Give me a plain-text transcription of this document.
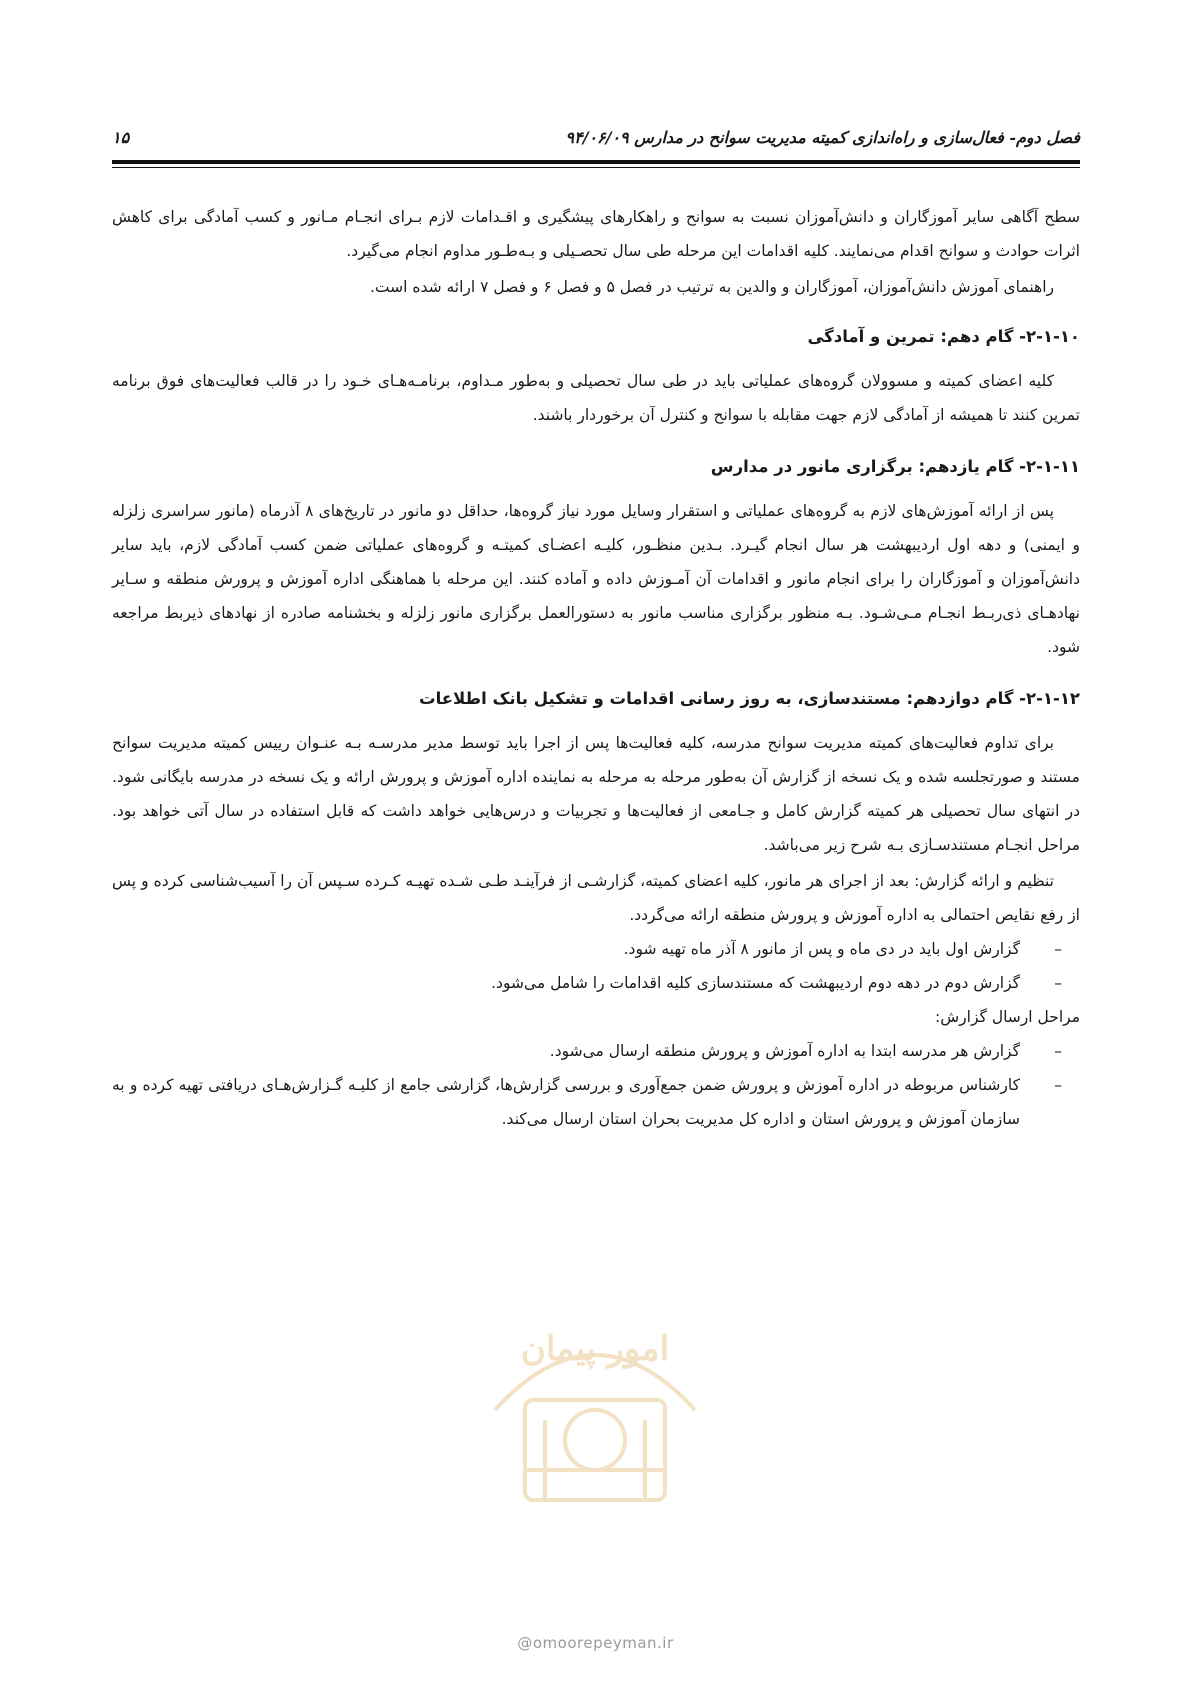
فصل دوم- فعال‌سازی و راه‌اندازی کمیته مدیریت سوانح در مدارس ۹۴/۰۶/۰۹
۱۵

سطح آگاهی سایر آموزگاران و دانش‌آموزان نسبت به سوانح و راهکارهای پیشگیری و اقـدامات لازم بـرای انجـام مـانور و کسب آمادگی برای کاهش اثرات حوادث و سوانح اقدام می‌نمایند. کلیه اقدامات این مرحله طی سال تحصـیلی و بـه‌طـور مداوم انجام می‌گیرد.

راهنمای آموزش دانش‌آموزان، آموزگاران و والدین به ترتیب در فصل ۵ و فصل ۶ و فصل ۷ ارائه شده است.

۲-۱-۱۰- گام دهم: تمرین و آمادگی

کلیه اعضای کمیته و مسوولان گروه‌های عملیاتی باید در طی سال تحصیلی و به‌طور مـداوم، برنامـه‌هـای خـود را در قالب فعالیت‌های فوق برنامه تمرین کنند تا همیشه از آمادگی لازم جهت مقابله با سوانح و کنترل آن برخوردار باشند.

۲-۱-۱۱- گام یازدهم: برگزاری مانور در مدارس

پس از ارائه آموزش‌های لازم به گروه‌های عملیاتی و استقرار وسایل مورد نیاز گروه‌ها، حداقل دو مانور در تاریخ‌های ۸ آذرماه (مانور سراسری زلزله و ایمنی) و دهه اول اردیبهشت هر سال انجام گیـرد. بـدین منظـور، کلیـه اعضـای کمیتـه و گروه‌های عملیاتی ضمن کسب آمادگی لازم، باید سایر دانش‌آموزان و آموزگاران را برای انجام مانور و اقدامات آن آمـوزش داده و آماده کنند. این مرحله با هماهنگی اداره آموزش و پرورش منطقه و سـایر نهادهـای ذی‌ربـط انجـام مـی‌شـود. بـه منظور برگزاری مناسب مانور به دستورالعمل برگزاری مانور زلزله و بخشنامه صادره از نهادهای ذیربط مراجعه شود.

۲-۱-۱۲- گام دوازدهم: مستندسازی، به روز رسانی اقدامات و تشکیل بانک اطلاعات

برای تداوم فعالیت‌های کمیته مدیریت سوانح مدرسه، کلیه فعالیت‌ها پس از اجرا باید توسط مدیر مدرسـه بـه عنـوان رییس کمیته مدیریت سوانح مستند و صورتجلسه شده و یک نسخه از گزارش آن به‌طور مرحله به مرحله به نماینده اداره آموزش و پرورش ارائه و یک نسخه در مدرسه بایگانی شود. در انتهای سال تحصیلی هر کمیته گزارش کامل و جـامعی از فعالیت‌ها و تجربیات و درس‌هایی خواهد داشت که قابل استفاده در سال آتی خواهد بود. مراحل انجـام مستندسـازی بـه شرح زیر می‌باشد.

تنظیم و ارائه گزارش: بعد از اجرای هر مانور، کلیه اعضای کمیته، گزارشـی از فرآینـد طـی شـده تهیـه کـرده سـپس آن را آسیب‌شناسی کرده و پس از رفع نقایص احتمالی به اداره آموزش و پرورش منطقه ارائه می‌گردد.

–
گزارش اول باید در دی ماه و پس از مانور ۸ آذر ماه تهیه شود.

–
گزارش دوم در دهه دوم اردیبهشت که مستندسازی کلیه اقدامات را شامل می‌شود.

مراحل ارسال گزارش:

–
گزارش هر مدرسه ابتدا به اداره آموزش و پرورش منطقه ارسال می‌شود.

–
کارشناس مربوطه در اداره آموزش و پرورش ضمن جمع‌آوری و بررسی گزارش‌ها، گزارشی جامع از کلیـه گـزارش‌هـای دریافتی تهیه کرده و به سازمان آموزش و پرورش استان و اداره کل مدیریت بحران استان ارسال می‌کند.

امور پیمان
@omoorepeyman.ir
